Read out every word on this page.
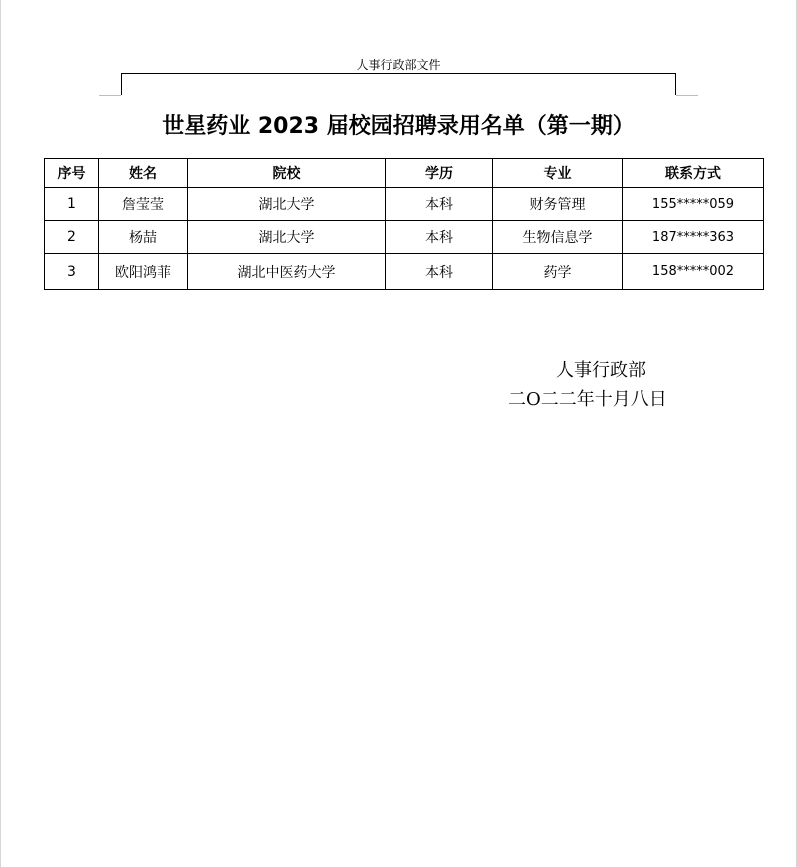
人事行政部文件
世星药业 2023 届校园招聘录用名单（第一期）
序号	姓名	院校	学历	专业	联系方式
1	詹莹莹	湖北大学	本科	财务管理	155*****059
2	杨喆	湖北大学	本科	生物信息学	187*****363
3	欧阳鸿菲	湖北中医药大学	本科	药学	158*****002
人事行政部
二O二二年十月八日
